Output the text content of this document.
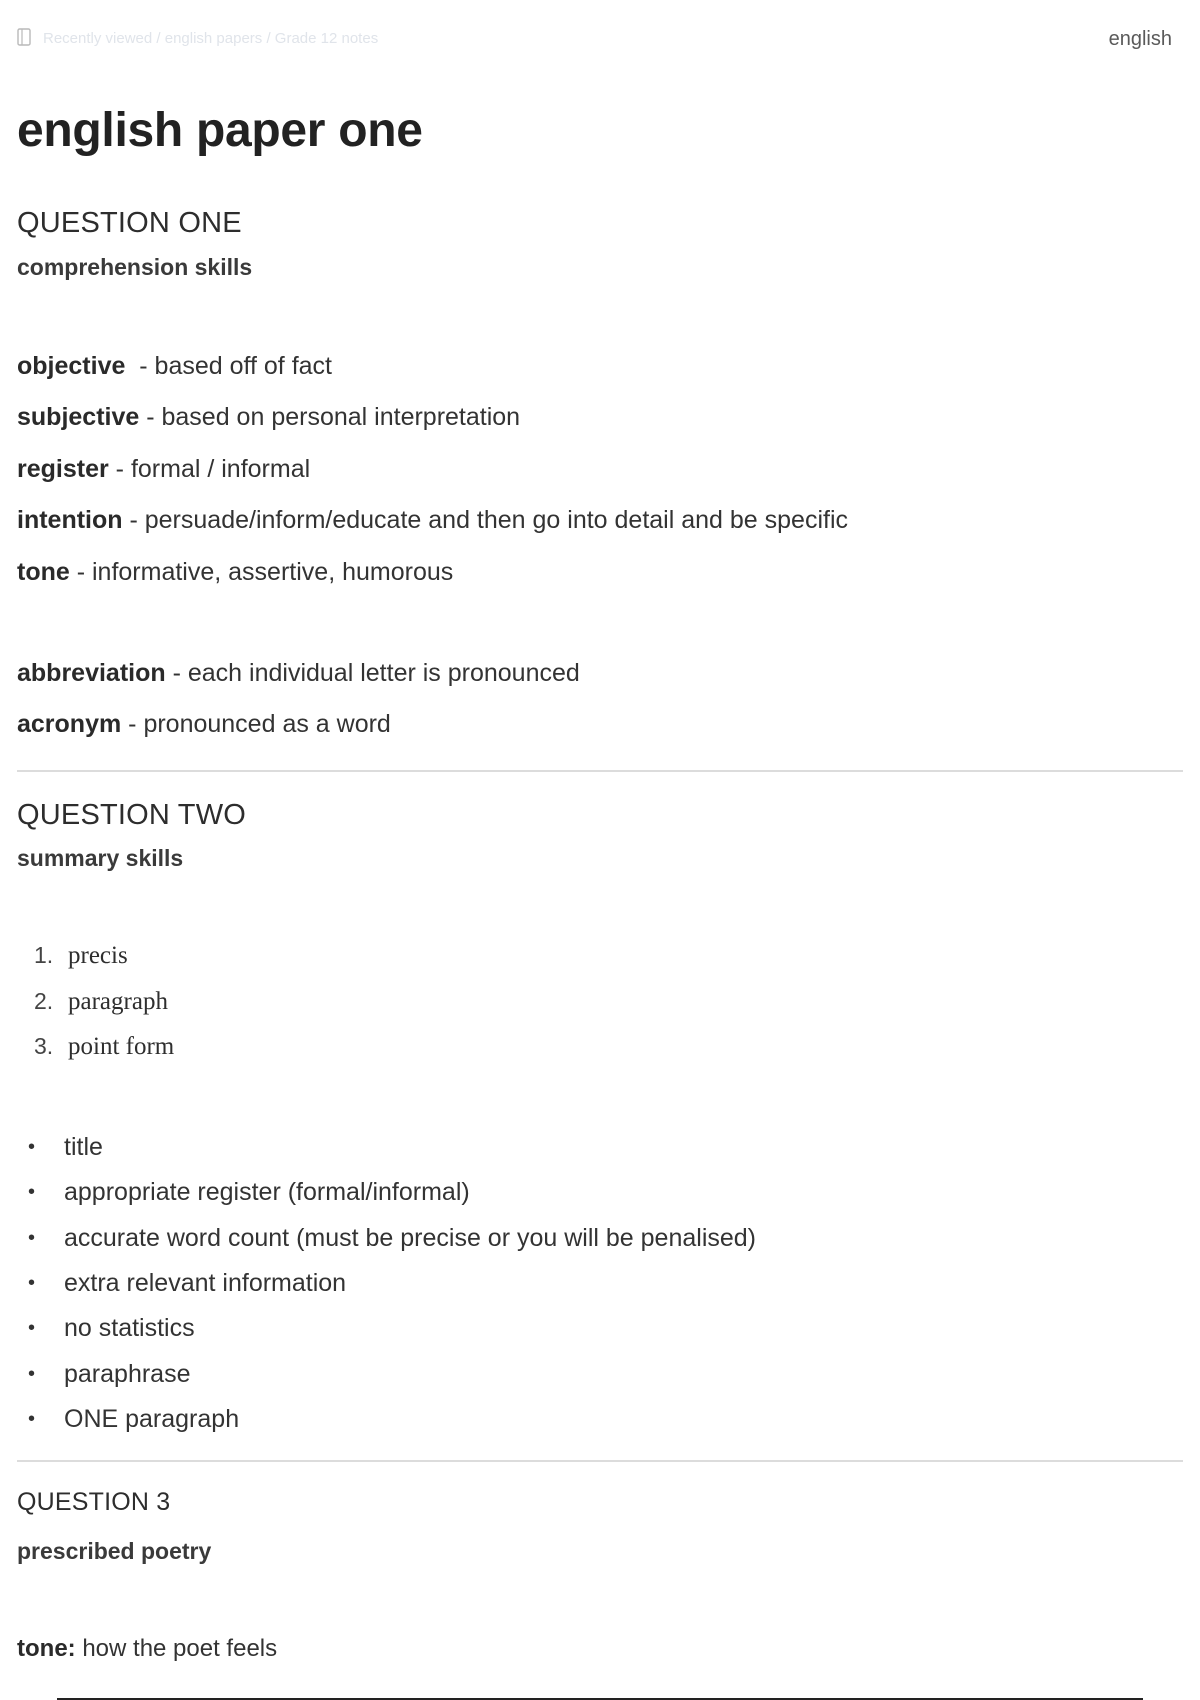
Recently viewed / english papers / Grade 12 notes	english
english paper one
QUESTION ONE

comprehension skills

objective  - based off of fact

subjective - based on personal interpretation

register - formal / informal

intention - persuade/inform/educate and then go into detail and be specific

tone - informative, assertive, humorous

abbreviation - each individual letter is pronounced

acronym - pronounced as a word

QUESTION TWO

summary skills

1. precis
2. paragraph
3. point form
• title
• appropriate register (formal/informal)
• accurate word count (must be precise or you will be penalised)
• extra relevant information
• no statistics
• paraphrase
• ONE paragraph
QUESTION 3

prescribed poetry

tone: how the poet feels
